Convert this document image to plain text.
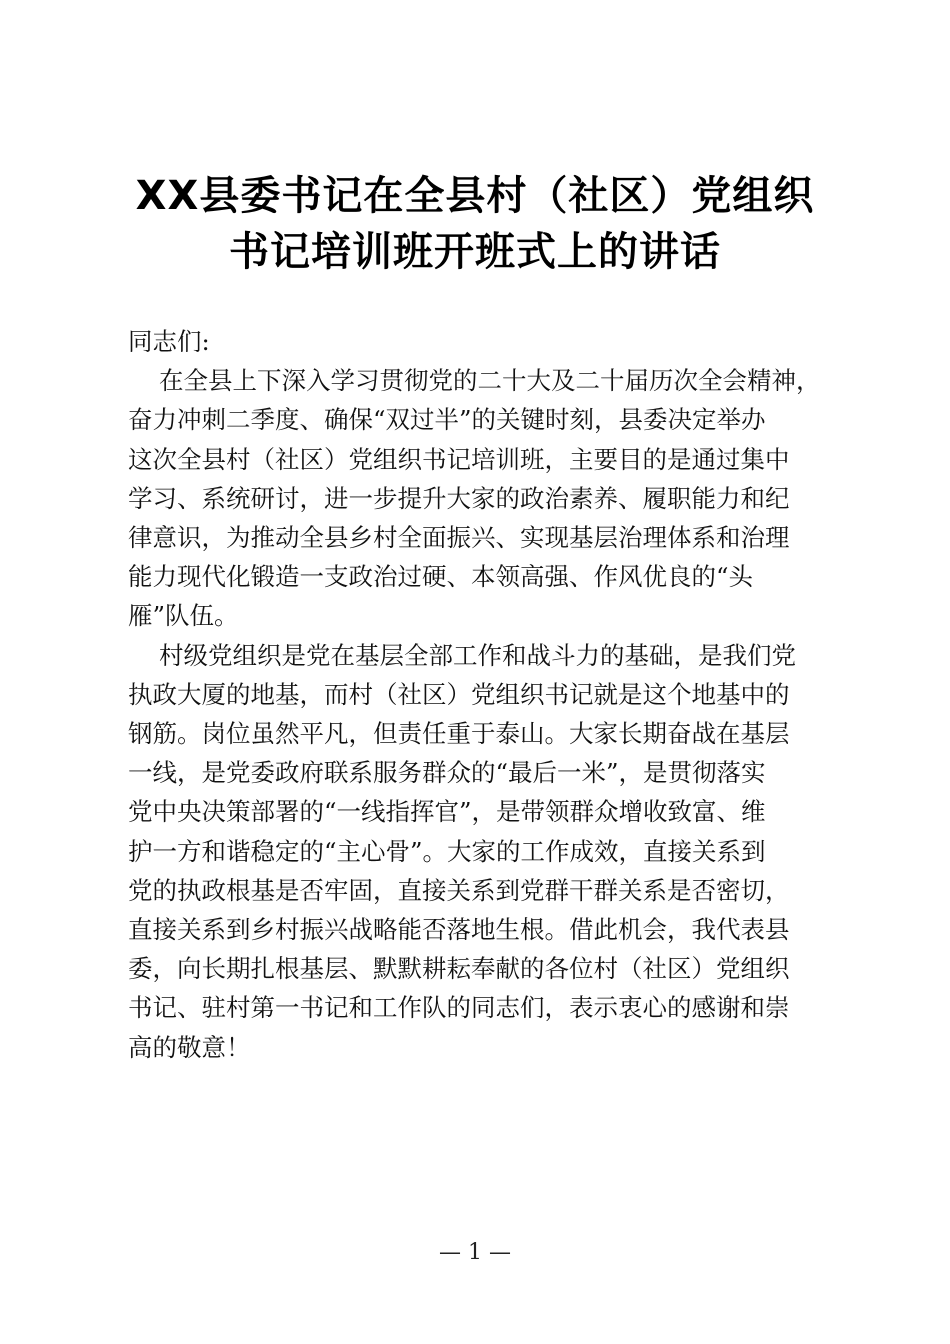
XX县委书记在全县村（社区）党组织
书记培训班开班式上的讲话

同志们:

在全县上下深入学习贯彻党的二十大及二十届历次全会精神，
奋力冲刺二季度、确保“双过半”的关键时刻，县委决定举办
这次全县村（社区）党组织书记培训班，主要目的是通过集中
学习、系统研讨，进一步提升大家的政治素养、履职能力和纪
律意识，为推动全县乡村全面振兴、实现基层治理体系和治理
能力现代化锻造一支政治过硬、本领高强、作风优良的“头
雁”队伍。
村级党组织是党在基层全部工作和战斗力的基础，是我们党
执政大厦的地基，而村（社区）党组织书记就是这个地基中的
钢筋。岗位虽然平凡，但责任重于泰山。大家长期奋战在基层
一线，是党委政府联系服务群众的“最后一米”，是贯彻落实
党中央决策部署的“一线指挥官”，是带领群众增收致富、维
护一方和谐稳定的“主心骨”。大家的工作成效，直接关系到
党的执政根基是否牢固，直接关系到党群干群关系是否密切，
直接关系到乡村振兴战略能否落地生根。借此机会，我代表县
委，向长期扎根基层、默默耕耘奉献的各位村（社区）党组织
书记、驻村第一书记和工作队的同志们，表示衷心的感谢和崇
高的敬意！
— 1 —
